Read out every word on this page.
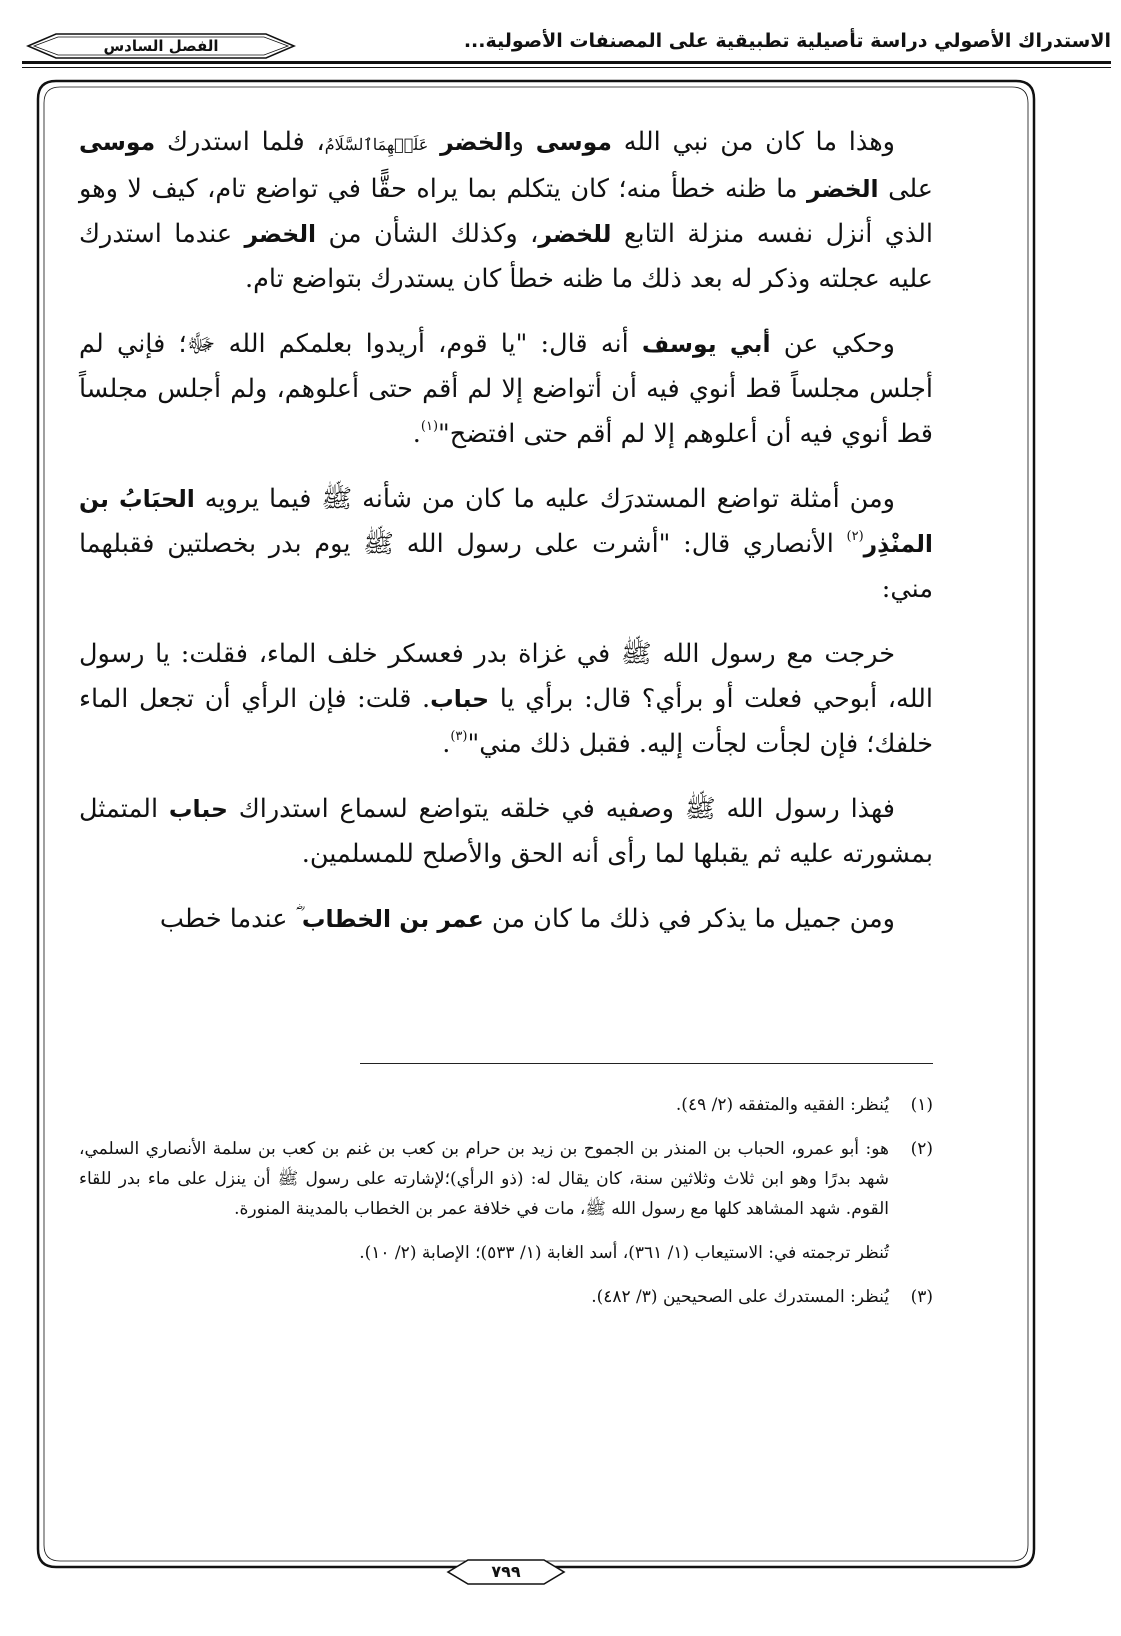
الاستدراك الأصولي دراسة تأصيلية تطبيقية على المصنفات الأصولية...
الفصل السادس

وهذا ما كان من نبي الله موسى والخضر عَلَيۡهِمَاٱلسَّلَامُ، فلما استدرك موسى على الخضر ما ظنه خطأ منه؛ كان يتكلم بما يراه حقًّا في تواضع تام، كيف لا وهو الذي أنزل نفسه منزلة التابع للخضر، وكذلك الشأن من الخضر عندما استدرك عليه عجلته وذكر له بعد ذلك ما ظنه خطأ كان يستدرك بتواضع تام.

وحكي عن أبي يوسف أنه قال: "يا قوم، أريدوا بعلمكم الله ﷻ؛ فإني لم أجلس مجلساً قط أنوي فيه أن أتواضع إلا لم أقم حتى أعلوهم، ولم أجلس مجلساً قط أنوي فيه أن أعلوهم إلا لم أقم حتى افتضح"$^{(١)}$.

ومن أمثلة تواضع المستدرَك عليه ما كان من شأنه ﷺ فيما يرويه الحبَابُ بن المنْذِر$^{(٢)}$ الأنصاري قال: "أشرت على رسول الله ﷺ يوم بدر بخصلتين فقبلهما مني:

خرجت مع رسول الله ﷺ في غزاة بدر فعسكر خلف الماء، فقلت: يا رسول الله، أبوحي فعلت أو برأي؟ قال: برأي يا حباب. قلت: فإن الرأي أن تجعل الماء خلفك؛ فإن لجأت لجأت إليه. فقبل ذلك مني"$^{(٣)}$.

فهذا رسول الله ﷺ وصفيه في خلقه يتواضع لسماع استدراك حباب المتمثل بمشورته عليه ثم يقبلها لما رأى أنه الحق والأصلح للمسلمين.

ومن جميل ما يذكر في ذلك ما كان من عمر بن الخطاب ؓ عندما خطب

(١)
يُنظر: الفقيه والمتفقه (٢/ ٤٩).
(٢)
هو: أبو عمرو، الحباب بن المنذر بن الجموح بن زيد بن حرام بن كعب بن غنم بن كعب بن سلمة الأنصاري السلمي، شهد بدرًا وهو ابن ثلاث وثلاثين سنة، كان يقال له: (ذو الرأي)؛لإشارته على رسول ﷺ أن ينزل على ماء بدر للقاء القوم. شهد المشاهد كلها مع رسول الله ﷺ، مات في خلافة عمر بن الخطاب بالمدينة المنورة.
تُنظر ترجمته في: الاستيعاب (١/ ٣٦١)، أسد الغابة (١/ ٥٣٣)؛ الإصابة (٢/ ١٠).
(٣)
يُنظر: المستدرك على الصحيحين (٣/ ٤٨٢).
٧٩٩
